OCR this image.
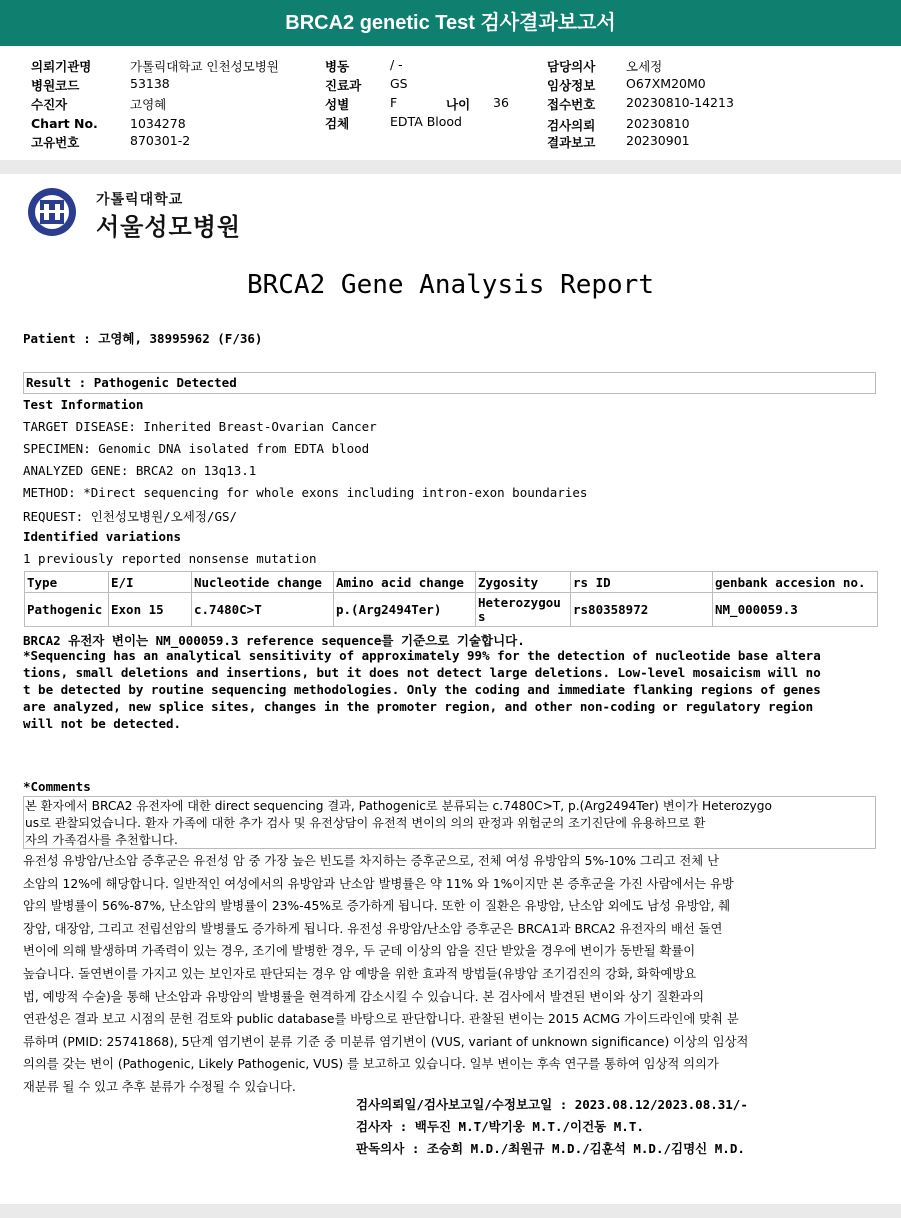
BRCA2 genetic Test 검사결과보고서
의뢰기관명	가톨릭대학교 인천성모병원
병원코드	53138
수진자	고영혜
Chart No.	1034278
고유번호	870301-2
병동	/ -
진료과 GS
성별	F	나이 36
검체	EDTA Blood
담당의사 오세정
임상정보 O67XM20M0
접수번호 20230810-14213
검사의뢰 20230810
결과보고 20230901
가톨릭대학교
서울성모병원
BRCA2 Gene Analysis Report
Patient : 고영혜, 38995962 (F/36)
Result : Pathogenic Detected
Test Information
TARGET DISEASE: Inherited Breast-Ovarian Cancer
SPECIMEN: Genomic DNA isolated from EDTA blood
ANALYZED GENE: BRCA2 on 13q13.1
METHOD: *Direct sequencing for whole exons including intron-exon boundaries
REQUEST: 인천성모병원/오세정/GS/
Identified variations
1 previously reported nonsense mutation
Type	E/I	Nucleotide change	Amino acid change	Zygosity	rs ID	genbank accesion no.
Pathogenic	Exon 15	c.7480C>T	p.(Arg2494Ter)	Heterozygous	rs80358972	NM_000059.3
BRCA2 유전자 변이는 NM_000059.3 reference sequence를 기준으로 기술합니다.
*Sequencing has an analytical sensitivity of approximately 99% for the detection of nucleotide base altera
tions, small deletions and insertions, but it does not detect large deletions. Low-level mosaicism will no
t be detected by routine sequencing methodologies. Only the coding and immediate flanking regions of genes
are analyzed, new splice sites, changes in the promoter region, and other non-coding or regulatory region
will not be detected.
*Comments
본 환자에서 BRCA2 유전자에 대한 direct sequencing 결과, Pathogenic로 분류되는 c.7480C>T, p.(Arg2494Ter) 변이가 Heterozygo
us로 관찰되었습니다. 환자 가족에 대한 추가 검사 및 유전상담이 유전적 변이의 의의 판정과 위험군의 조기진단에 유용하므로 환
자의 가족검사를 추천합니다.
유전성 유방암/난소암 증후군은 유전성 암 중 가장 높은 빈도를 차지하는 증후군으로, 전체 여성 유방암의 5%-10% 그리고 전체 난
소암의 12%에 해당합니다. 일반적인 여성에서의 유방암과 난소암 발병률은 약 11% 와 1%이지만 본 증후군을 가진 사람에서는 유방
암의 발병률이 56%-87%, 난소암의 발병률이 23%-45%로 증가하게 됩니다. 또한 이 질환은 유방암, 난소암 외에도 남성 유방암, 췌
장암, 대장암, 그리고 전립선암의 발병률도 증가하게 됩니다. 유전성 유방암/난소암 증후군은 BRCA1과 BRCA2 유전자의 배선 돌연
변이에 의해 발생하며 가족력이 있는 경우, 조기에 발병한 경우, 두 군데 이상의 암을 진단 받았을 경우에 변이가 동반될 확률이
높습니다. 돌연변이를 가지고 있는 보인자로 판단되는 경우 암 예방을 위한 효과적 방법들(유방암 조기검진의 강화, 화학예방요
법, 예방적 수술)을 통해 난소암과 유방암의 발병률을 현격하게 감소시킬 수 있습니다. 본 검사에서 발견된 변이와 상기 질환과의
연관성은 결과 보고 시점의 문헌 검토와 public database를 바탕으로 판단합니다. 관찰된 변이는 2015 ACMG 가이드라인에 맞춰 분
류하며 (PMID: 25741868), 5단계 염기변이 분류 기준 중 미분류 염기변이 (VUS, variant of unknown significance) 이상의 임상적
의의를 갖는 변이 (Pathogenic, Likely Pathogenic, VUS) 를 보고하고 있습니다. 일부 변이는 후속 연구를 통하여 임상적 의의가
재분류 될 수 있고 추후 분류가 수정될 수 있습니다.
검사의뢰일/검사보고일/수정보고일 : 2023.08.12/2023.08.31/-
검사자 : 백두진 M.T/박기웅 M.T./이건동 M.T.
판독의사 : 조승희 M.D./최원규 M.D./김훈석 M.D./김명신 M.D.
